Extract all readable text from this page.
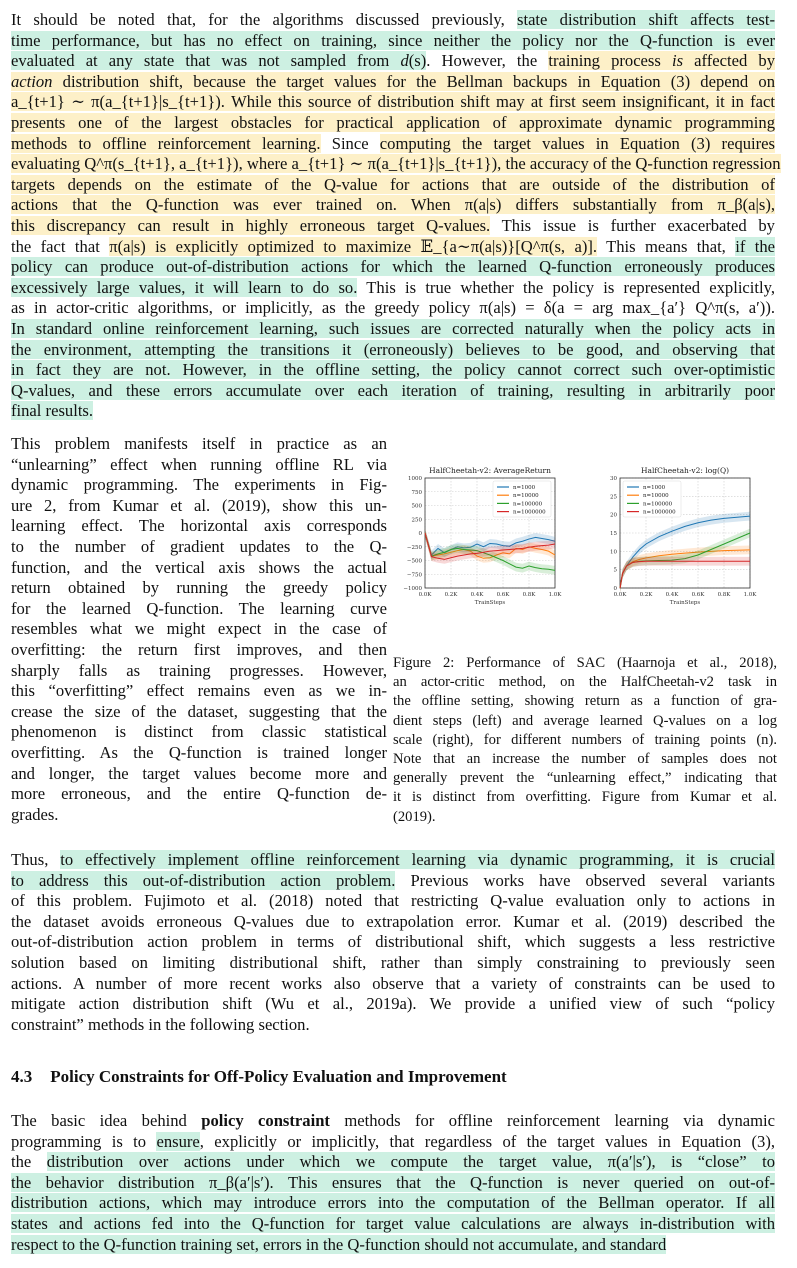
It should be noted that, for the algorithms discussed previously, state distribution shift affects test-
time performance, but has no effect on training, since neither the policy nor the Q-function is ever
evaluated at any state that was not sampled from d(s). However, the training process is affected by
action distribution shift, because the target values for the Bellman backups in Equation (3) depend on
a_{t+1} ∼ π(a_{t+1}|s_{t+1}). While this source of distribution shift may at first seem insignificant, it in fact
presents one of the largest obstacles for practical application of approximate dynamic programming
methods to offline reinforcement learning. Since computing the target values in Equation (3) requires
evaluating Q^π(s_{t+1}, a_{t+1}), where a_{t+1} ∼ π(a_{t+1}|s_{t+1}), the accuracy of the Q-function regression
targets depends on the estimate of the Q-value for actions that are outside of the distribution of
actions that the Q-function was ever trained on. When π(a|s) differs substantially from π_β(a|s),
this discrepancy can result in highly erroneous target Q-values. This issue is further exacerbated by
the fact that π(a|s) is explicitly optimized to maximize 𝔼_{a∼π(a|s)}[Q^π(s, a)]. This means that, if the
policy can produce out-of-distribution actions for which the learned Q-function erroneously produces
excessively large values, it will learn to do so. This is true whether the policy is represented explicitly,
as in actor-critic algorithms, or implicitly, as the greedy policy π(a|s) = δ(a = arg max_{a′} Q^π(s, a′)).
In standard online reinforcement learning, such issues are corrected naturally when the policy acts in
the environment, attempting the transitions it (erroneously) believes to be good, and observing that
in fact they are not. However, in the offline setting, the policy cannot correct such over-optimistic
Q-values, and these errors accumulate over each iteration of training, resulting in arbitrarily poor
final results.
This problem manifests itself in practice as an
“unlearning” effect when running offline RL via
dynamic programming. The experiments in Fig-
ure 2, from Kumar et al. (2019), show this un-
learning effect. The horizontal axis corresponds
to the number of gradient updates to the Q-
function, and the vertical axis shows the actual
return obtained by running the greedy policy
for the learned Q-function. The learning curve
resembles what we might expect in the case of
overfitting: the return first improves, and then
sharply falls as training progresses. However,
this “overfitting” effect remains even as we in-
crease the size of the dataset, suggesting that the
phenomenon is distinct from classic statistical
overfitting. As the Q-function is trained longer
and longer, the target values become more and
more erroneous, and the entire Q-function de-
grades.
HalfCheetah-v2: AverageReturn
0.0K 0.2K 0.4K 0.6K 0.8K 1.0K
−1000
−750
−500
−250
0
250
500
750
1000
TrainSteps
n=1000
n=10000
n=100000
n=1000000
HalfCheetah-v2: log(Q)
0.0K 0.2K 0.4K 0.6K 0.8K 1.0K
0
5
10
15
20
25
30
TrainSteps
n=1000
n=10000
n=100000
n=1000000
Figure 2: Performance of SAC (Haarnoja et al., 2018),
an actor-critic method, on the HalfCheetah-v2 task in
the offline setting, showing return as a function of gra-
dient steps (left) and average learned Q-values on a log
scale (right), for different numbers of training points (n).
Note that an increase the number of samples does not
generally prevent the “unlearning effect,” indicating that
it is distinct from overfitting. Figure from Kumar et al.
(2019).
Thus, to effectively implement offline reinforcement learning via dynamic programming, it is crucial
to address this out-of-distribution action problem. Previous works have observed several variants
of this problem. Fujimoto et al. (2018) noted that restricting Q-value evaluation only to actions in
the dataset avoids erroneous Q-values due to extrapolation error. Kumar et al. (2019) described the
out-of-distribution action problem in terms of distributional shift, which suggests a less restrictive
solution based on limiting distributional shift, rather than simply constraining to previously seen
actions. A number of more recent works also observe that a variety of constraints can be used to
mitigate action distribution shift (Wu et al., 2019a). We provide a unified view of such “policy
constraint” methods in the following section.
4.3 Policy Constraints for Off-Policy Evaluation and Improvement
The basic idea behind policy constraint methods for offline reinforcement learning via dynamic
programming is to ensure, explicitly or implicitly, that regardless of the target values in Equation (3),
the distribution over actions under which we compute the target value, π(a′|s′), is “close” to
the behavior distribution π_β(a′|s′). This ensures that the Q-function is never queried on out-of-
distribution actions, which may introduce errors into the computation of the Bellman operator. If all
states and actions fed into the Q-function for target value calculations are always in-distribution with
respect to the Q-function training set, errors in the Q-function should not accumulate, and standard
